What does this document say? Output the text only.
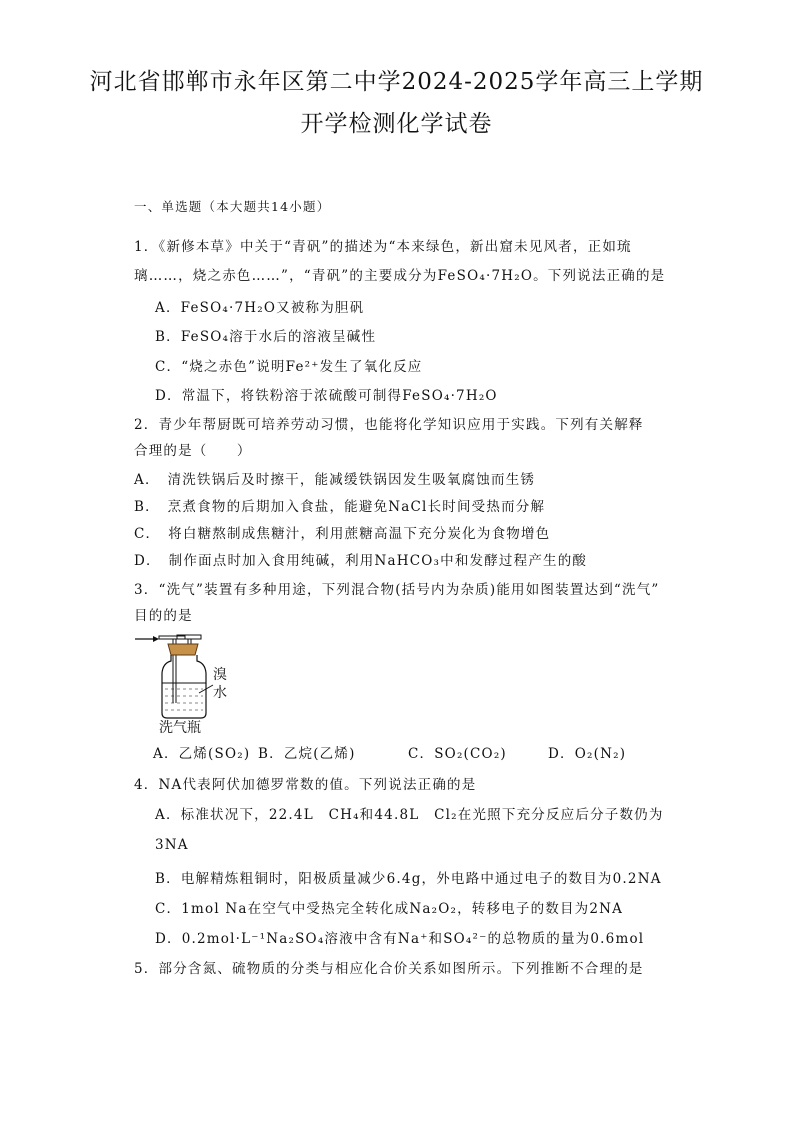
河北省邯郸市永年区第二中学2024-2025学年高三上学期
开学检测化学试卷
一、单选题（本大题共14小题）
1．《新修本草》中关于“青矾”的描述为“本来绿色，新出窟未见风者，正如琉
璃……，烧之赤色……”，“青矾”的主要成分为FeSO₄·7H₂O。下列说法正确的是
A．FeSO₄·7H₂O又被称为胆矾
B．FeSO₄溶于水后的溶液呈碱性
C．“烧之赤色”说明Fe²⁺发生了氧化反应
D．常温下，将铁粉溶于浓硫酸可制得FeSO₄·7H₂O
2．青少年帮厨既可培养劳动习惯，也能将化学知识应用于实践。下列有关解释
合理的是（　　）
A．　清洗铁锅后及时擦干，能减缓铁锅因发生吸氧腐蚀而生锈
B．　烹煮食物的后期加入食盐，能避免NaCl长时间受热而分解
C．　将白糖熬制成焦糖汁，利用蔗糖高温下充分炭化为食物增色
D．　制作面点时加入食用纯碱，利用NaHCO₃中和发酵过程产生的酸
3．“洗气”装置有多种用途，下列混合物(括号内为杂质)能用如图装置达到“洗气”
目的的是
溴
水
洗气瓶
A．乙烯(SO₂) B．乙烷(乙烯)	C．SO₂(CO₂)	D．O₂(N₂)
4．NA代表阿伏加德罗常数的值。下列说法正确的是
A．标准状况下，22.4L　CH₄和44.8L　Cl₂在光照下充分反应后分子数仍为
3NA
B．电解精炼粗铜时，阳极质量减少6.4g，外电路中通过电子的数目为0.2NA
C．1mol Na在空气中受热完全转化成Na₂O₂，转移电子的数目为2NA
D．0.2mol·L⁻¹Na₂SO₄溶液中含有Na⁺和SO₄²⁻的总物质的量为0.6mol
5．部分含氮、硫物质的分类与相应化合价关系如图所示。下列推断不合理的是
